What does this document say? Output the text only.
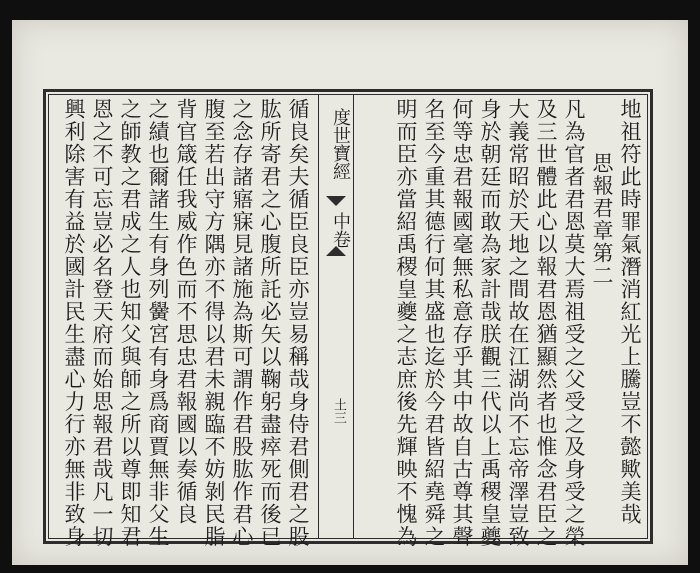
地祖符此時罪氣潛消紅光上騰豈不懿歟美哉
思報君章第二
凡為官者君恩莫大焉祖受之父受之及身受之榮
及三世體此心以報君恩猶顯然者也惟念君臣之
大義常昭於天地之間故在江湖尚不忘帝澤豈致
身於朝廷而敢為家計哉朕觀三代以上禹稷皇夔
何等忠君報國毫無私意存乎其中故自古尊其聲
名至今重其德行何其盛也迄於今君皆紹堯舜之
明而臣亦當紹禹稷皇夔之志庶後先輝映不愧為
度世寶經
中卷
土三
循良矣夫循臣良臣亦豈易稱哉身侍君側君之股
肱所寄君之心腹所託必矢以鞠躬盡瘁死而後已
之念存諸寤寐見諸施為斯可謂作君股肱作君心
腹至若出守方隅亦不得以君未親臨不妨剝民脂
背官箴任我威作色而不思忠君報國以奏循良
之績也爾諸生有身列黌宮有身爲商賈無非父生
之師教之君成之人也知父與師之所以尊即知君
恩之不可忘豈必名登天府而始思報君哉凡一切
興利除害有益於國計民生盡心力行亦無非致身
